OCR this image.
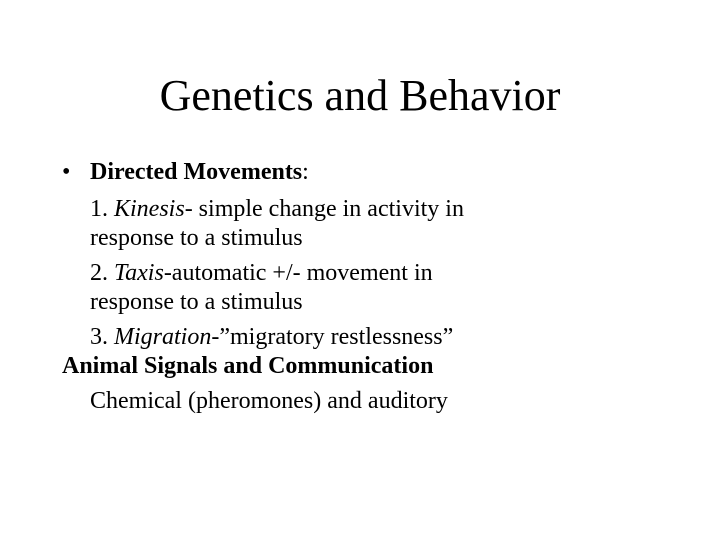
Genetics and Behavior

• Directed Movements:

1. Kinesis- simple change in activity in
response to a stimulus

2. Taxis-automatic +/- movement in
response to a stimulus

3. Migration-”migratory restlessness”

Animal Signals and Communication

Chemical (pheromones) and auditory
